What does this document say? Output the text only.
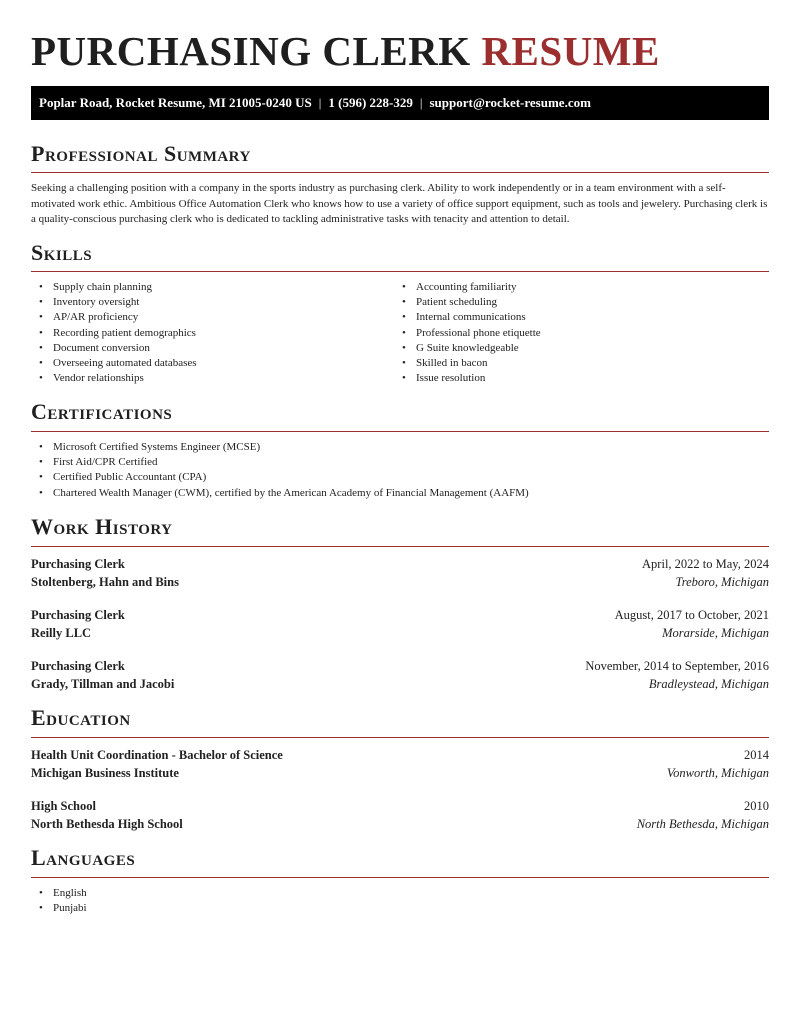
PURCHASING CLERK RESUME
Poplar Road, Rocket Resume, MI 21005-0240 US | 1 (596) 228-329 | support@rocket-resume.com
Professional Summary

Seeking a challenging position with a company in the sports industry as purchasing clerk. Ability to work independently or in a team environment with a self-motivated work ethic. Ambitious Office Automation Clerk who knows how to use a variety of office support equipment, such as tools and jewelery. Purchasing clerk is a quality-conscious purchasing clerk who is dedicated to tackling administrative tasks with tenacity and attention to detail.

Skills
• Supply chain planning
• Inventory oversight
• AP/AR proficiency
• Recording patient demographics
• Document conversion
• Overseeing automated databases
• Vendor relationships
• Accounting familiarity
• Patient scheduling
• Internal communications
• Professional phone etiquette
• G Suite knowledgeable
• Skilled in bacon
• Issue resolution
Certifications
• Microsoft Certified Systems Engineer (MCSE)
• First Aid/CPR Certified
• Certified Public Accountant (CPA)
• Chartered Wealth Manager (CWM), certified by the American Academy of Financial Management (AAFM)
Work History
Purchasing Clerk
Stoltenberg, Hahn and Bins
April, 2022 to May, 2024
Treboro, Michigan
Purchasing Clerk
Reilly LLC
August, 2017 to October, 2021
Morarside, Michigan
Purchasing Clerk
Grady, Tillman and Jacobi
November, 2014 to September, 2016
Bradleystead, Michigan
Education
Health Unit Coordination - Bachelor of Science
Michigan Business Institute
2014
Vonworth, Michigan
High School
North Bethesda High School
2010
North Bethesda, Michigan
Languages
• English
• Punjabi
